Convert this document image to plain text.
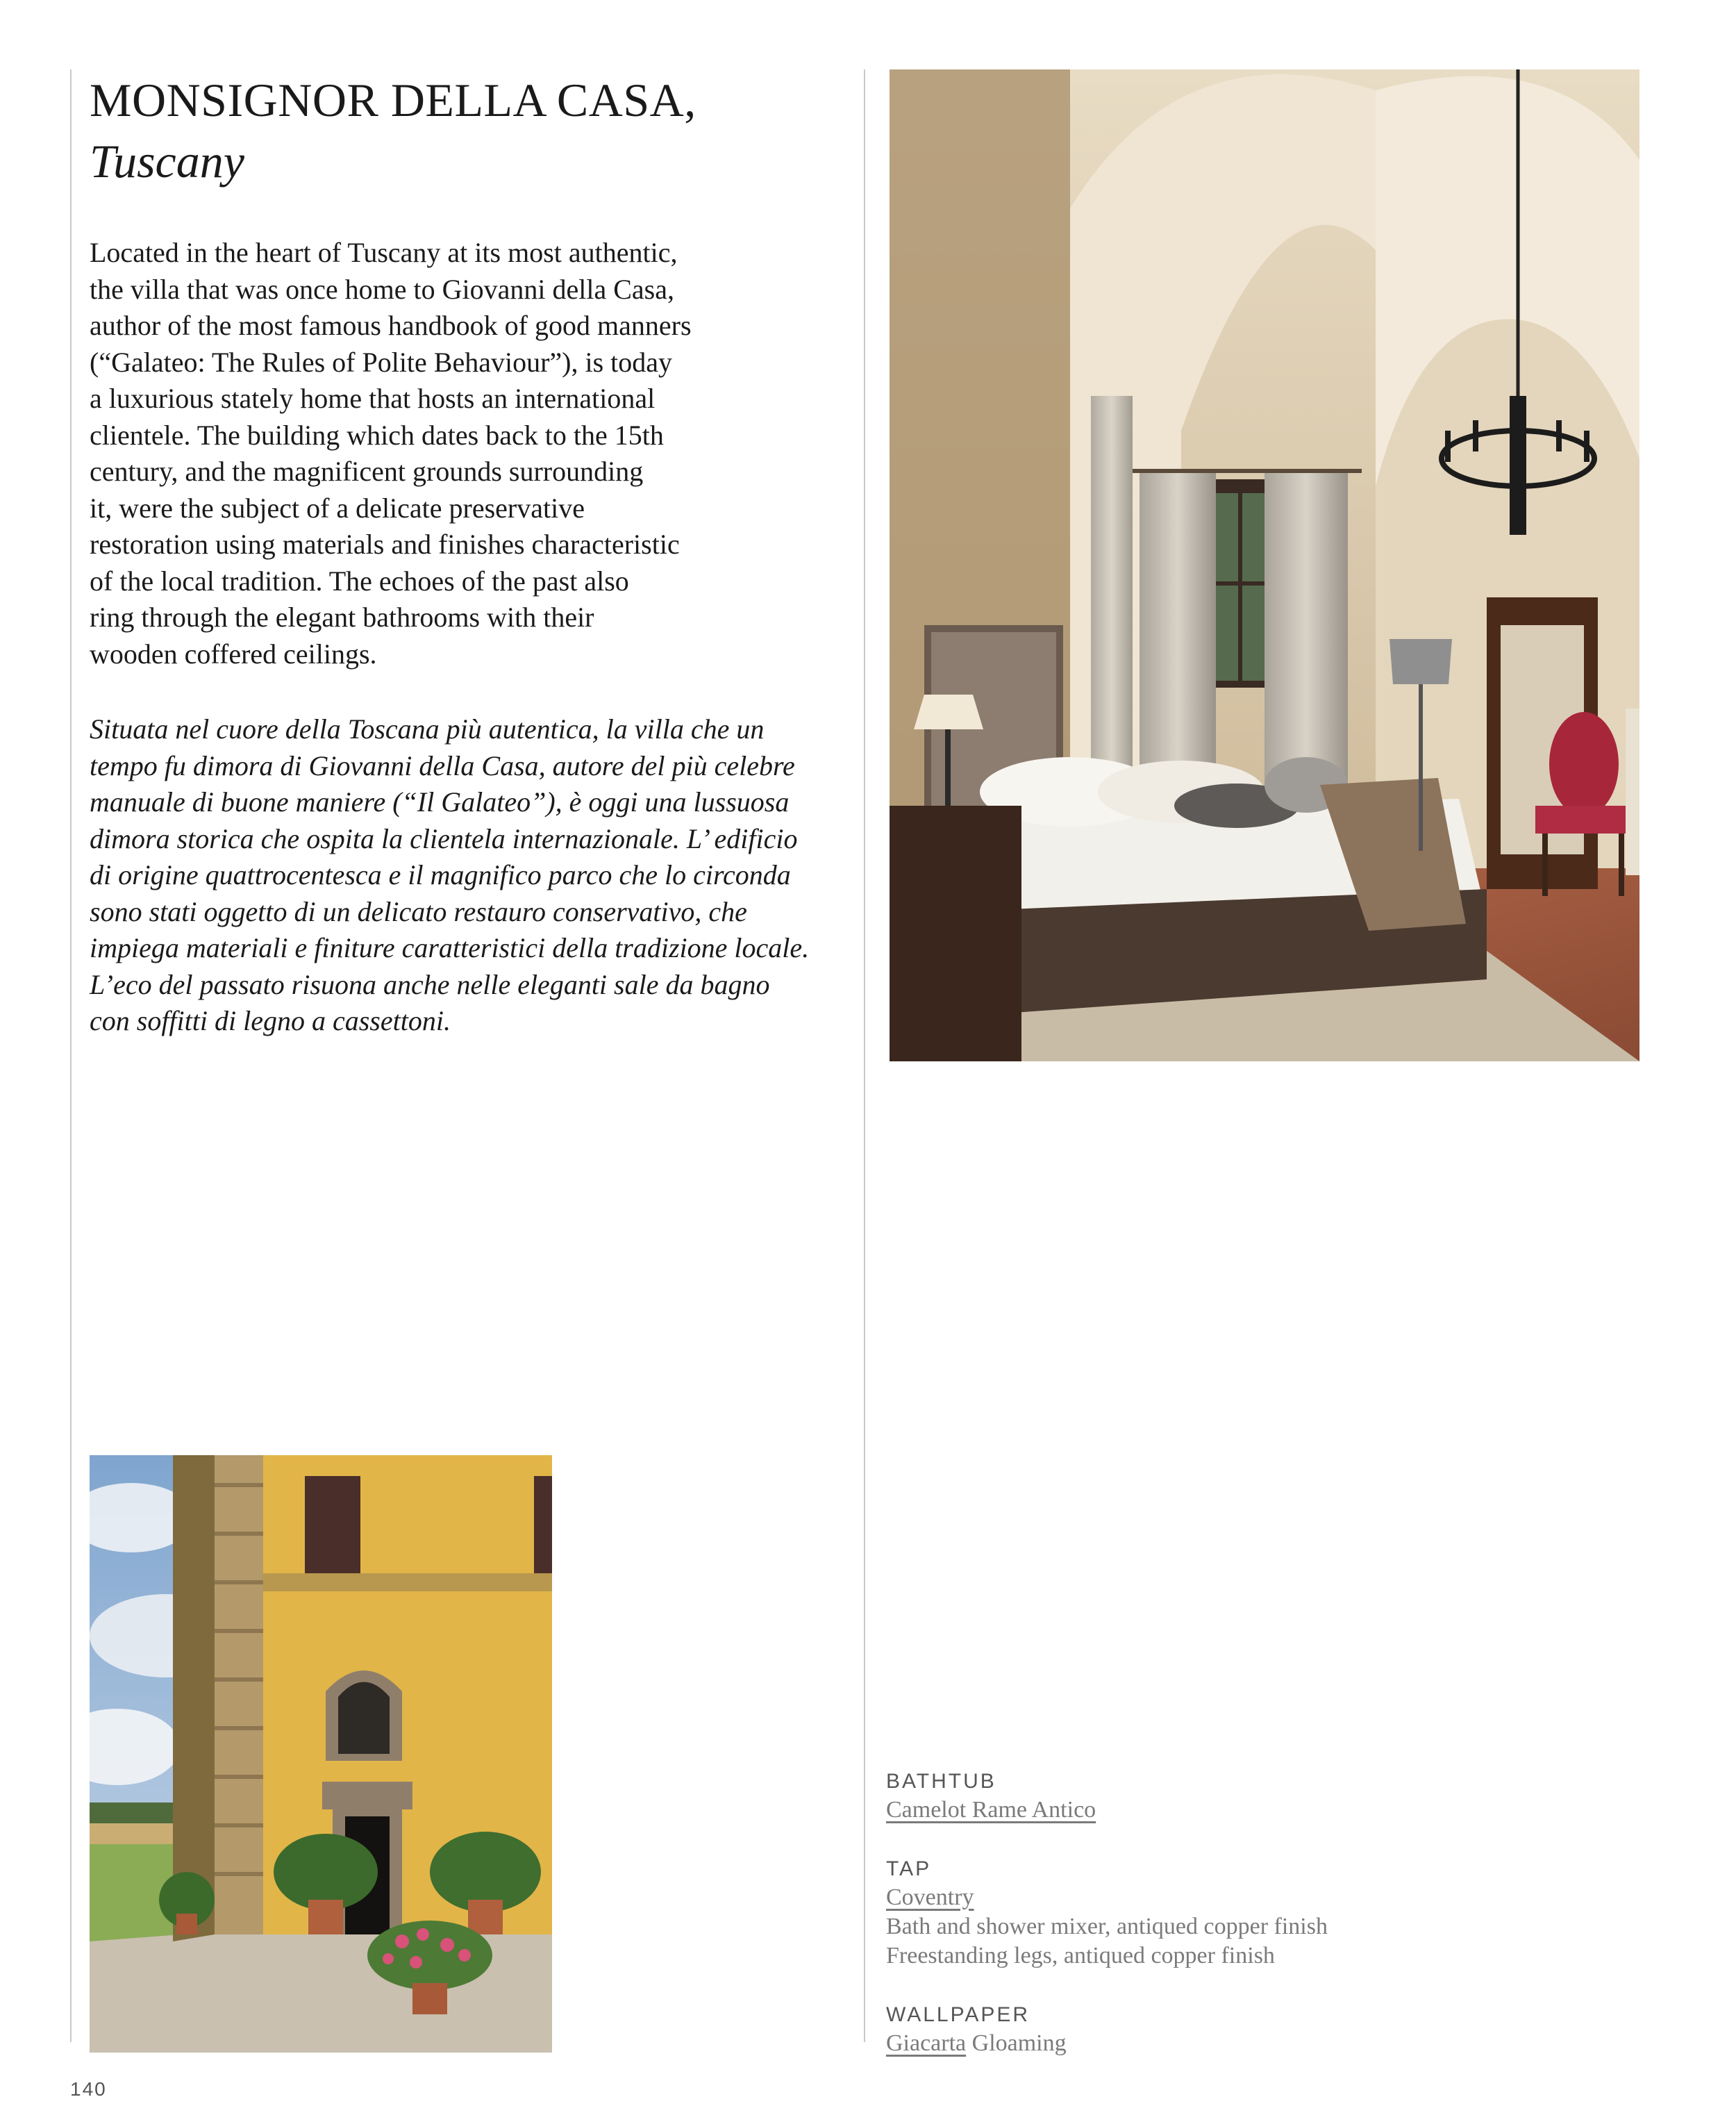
MONSIGNOR DELLA CASA,
Tuscany

Located in the heart of Tuscany at its most authentic,
the villa that was once home to Giovanni della Casa,
author of the most famous handbook of good manners
(“Galateo: The Rules of Polite Behaviour”), is today
a luxurious stately home that hosts an international
clientele. The building which dates back to the 15th
century, and the magnificent grounds surrounding
it, were the subject of a delicate preservative
restoration using materials and finishes characteristic
of the local tradition. The echoes of the past also
ring through the elegant bathrooms with their
wooden coffered ceilings.

Situata nel cuore della Toscana più autentica, la villa che un
tempo fu dimora di Giovanni della Casa, autore del più celebre
manuale di buone maniere (“Il Galateo”), è oggi una lussuosa
dimora storica che ospita la clientela internazionale. L’ edificio
di origine quattrocentesca e il magnifico parco che lo circonda
sono stati oggetto di un delicato restauro conservativo, che
impiega materiali e finiture caratteristici della tradizione locale.
L’eco del passato risuona anche nelle eleganti sale da bagno
con soffitti di legno a cassettoni.

BATHTUB
Camelot Rame Antico
TAP
Coventry
Bath and shower mixer, antiqued copper finish
Freestanding legs, antiqued copper finish
WALLPAPER
Giacarta Gloaming
140
